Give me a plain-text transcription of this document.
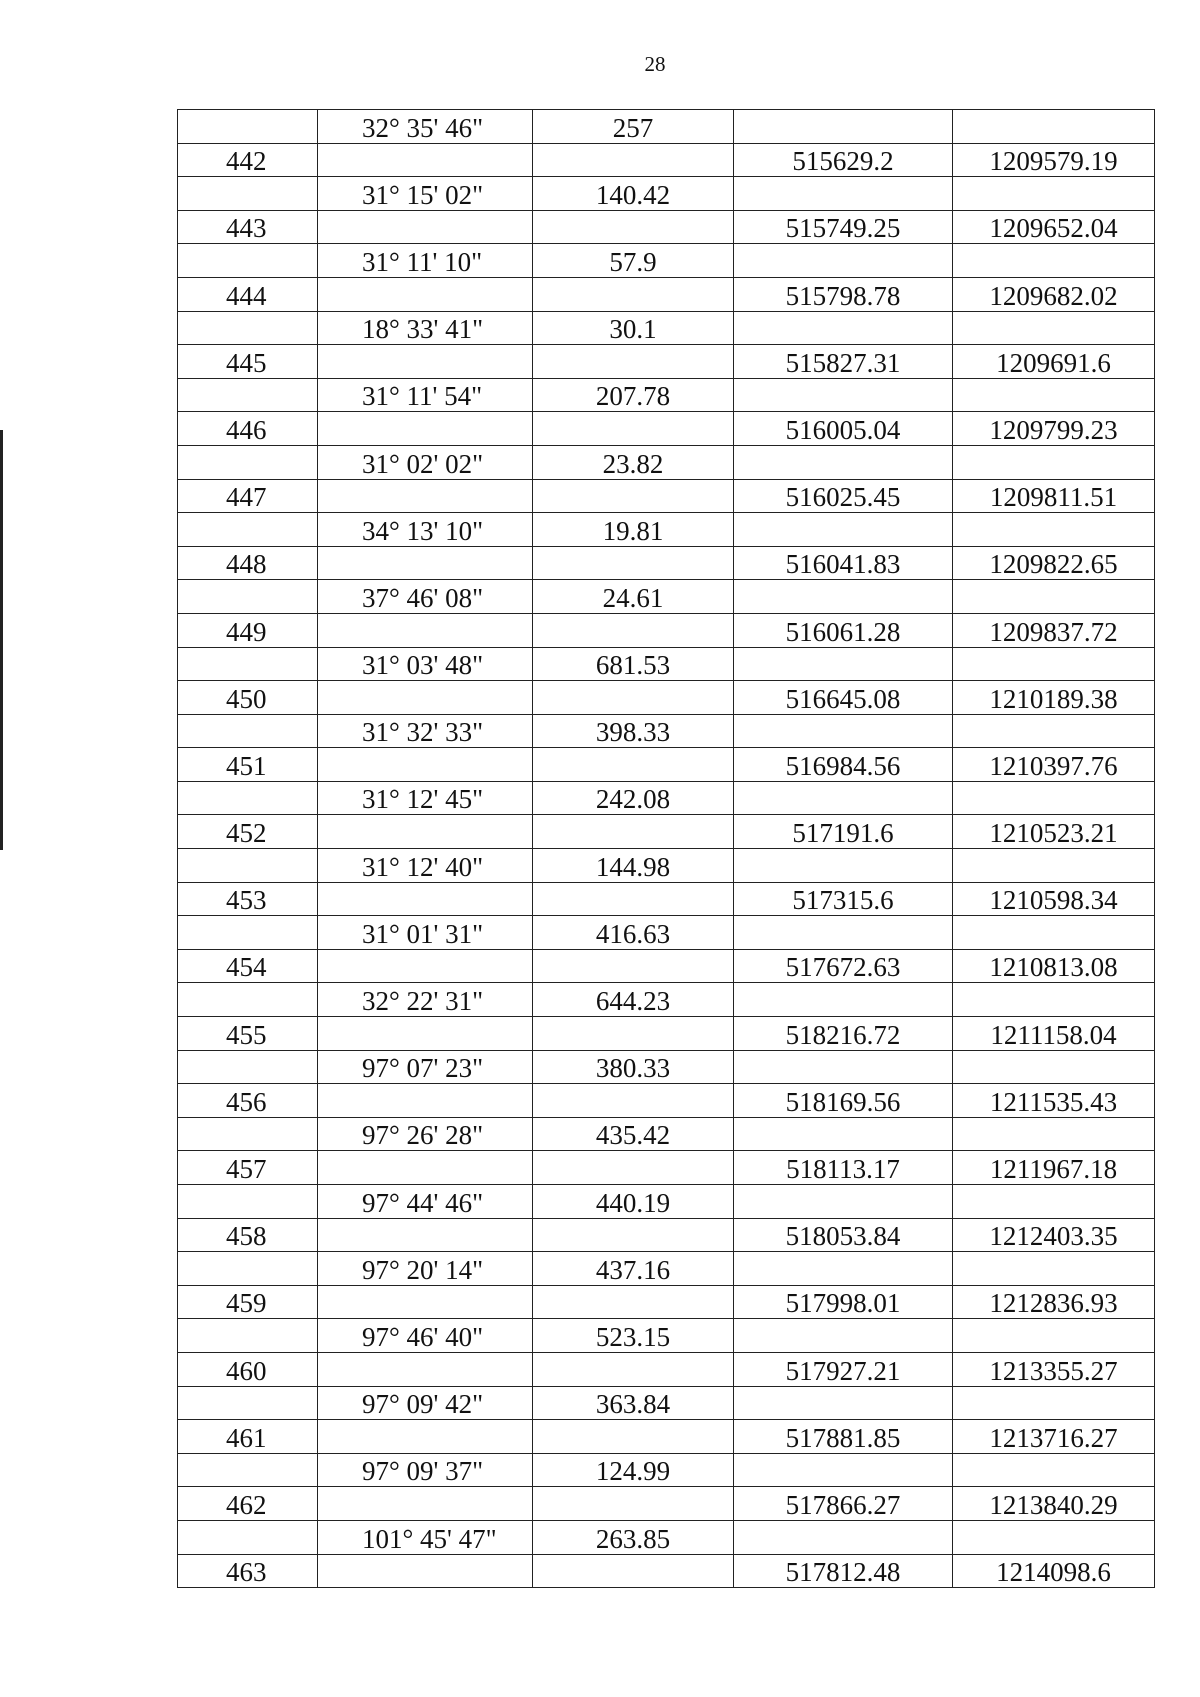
28
	32° 35' 46"	257		
442			515629.2	1209579.19
	31° 15' 02"	140.42		
443			515749.25	1209652.04
	31° 11' 10"	57.9		
444			515798.78	1209682.02
	18° 33' 41"	30.1		
445			515827.31	1209691.6
	31° 11' 54"	207.78		
446			516005.04	1209799.23
	31° 02' 02"	23.82		
447			516025.45	1209811.51
	34° 13' 10"	19.81		
448			516041.83	1209822.65
	37° 46' 08"	24.61		
449			516061.28	1209837.72
	31° 03' 48"	681.53		
450			516645.08	1210189.38
	31° 32' 33"	398.33		
451			516984.56	1210397.76
	31° 12' 45"	242.08		
452			517191.6	1210523.21
	31° 12' 40"	144.98		
453			517315.6	1210598.34
	31° 01' 31"	416.63		
454			517672.63	1210813.08
	32° 22' 31"	644.23		
455			518216.72	1211158.04
	97° 07' 23"	380.33		
456			518169.56	1211535.43
	97° 26' 28"	435.42		
457			518113.17	1211967.18
	97° 44' 46"	440.19		
458			518053.84	1212403.35
	97° 20' 14"	437.16		
459			517998.01	1212836.93
	97° 46' 40"	523.15		
460			517927.21	1213355.27
	97° 09' 42"	363.84		
461			517881.85	1213716.27
	97° 09' 37"	124.99		
462			517866.27	1213840.29
	101° 45' 47"	263.85		
463			517812.48	1214098.6
